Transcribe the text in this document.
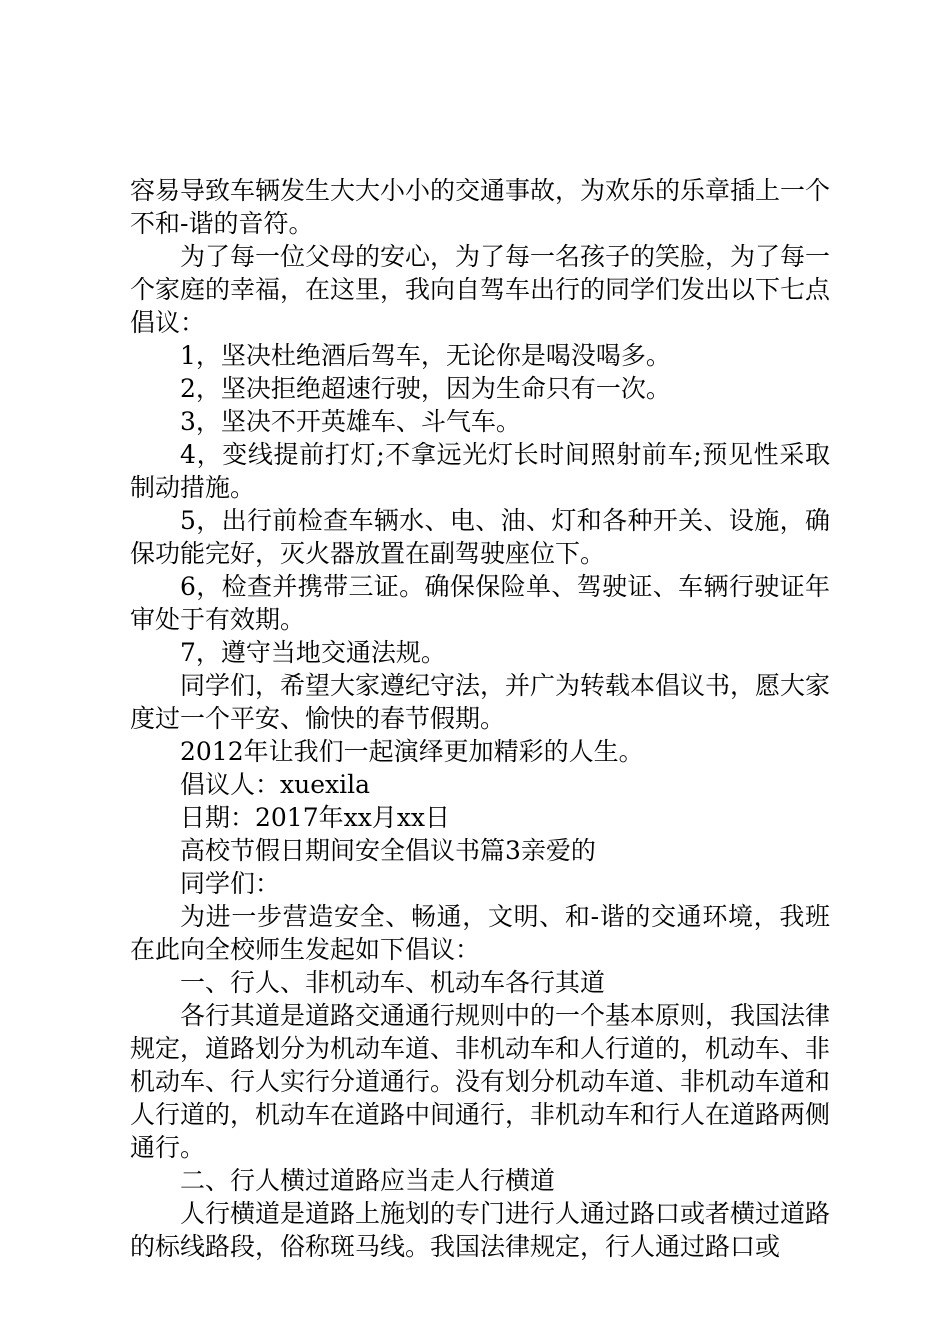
容易导致车辆发生大大小小的交通事故，为欢乐的乐章插上一个不和-谐的音符。

为了每一位父母的安心，为了每一名孩子的笑脸，为了每一个家庭的幸福，在这里，我向自驾车出行的同学们发出以下七点倡议：

1，坚决杜绝酒后驾车，无论你是喝没喝多。

2，坚决拒绝超速行驶，因为生命只有一次。

3，坚决不开英雄车、斗气车。

4，变线提前打灯;不拿远光灯长时间照射前车;预见性采取制动措施。

5，出行前检查车辆水、电、油、灯和各种开关、设施，确保功能完好，灭火器放置在副驾驶座位下。

6，检查并携带三证。确保保险单、驾驶证、车辆行驶证年审处于有效期。

7，遵守当地交通法规。

同学们，希望大家遵纪守法，并广为转载本倡议书，愿大家度过一个平安、愉快的春节假期。

2012年让我们一起演绎更加精彩的人生。

倡议人：xuexila

日期：2017年xx月xx日

高校节假日期间安全倡议书篇3亲爱的

同学们：

为进一步营造安全、畅通，文明、和-谐的交通环境，我班在此向全校师生发起如下倡议：

一、行人、非机动车、机动车各行其道

各行其道是道路交通通行规则中的一个基本原则，我国法律规定，道路划分为机动车道、非机动车和人行道的，机动车、非机动车、行人实行分道通行。没有划分机动车道、非机动车道和人行道的，机动车在道路中间通行，非机动车和行人在道路两侧通行。

二、行人横过道路应当走人行横道

人行横道是道路上施划的专门进行人通过路口或者横过道路的标线路段，俗称斑马线。我国法律规定，行人通过路口或
